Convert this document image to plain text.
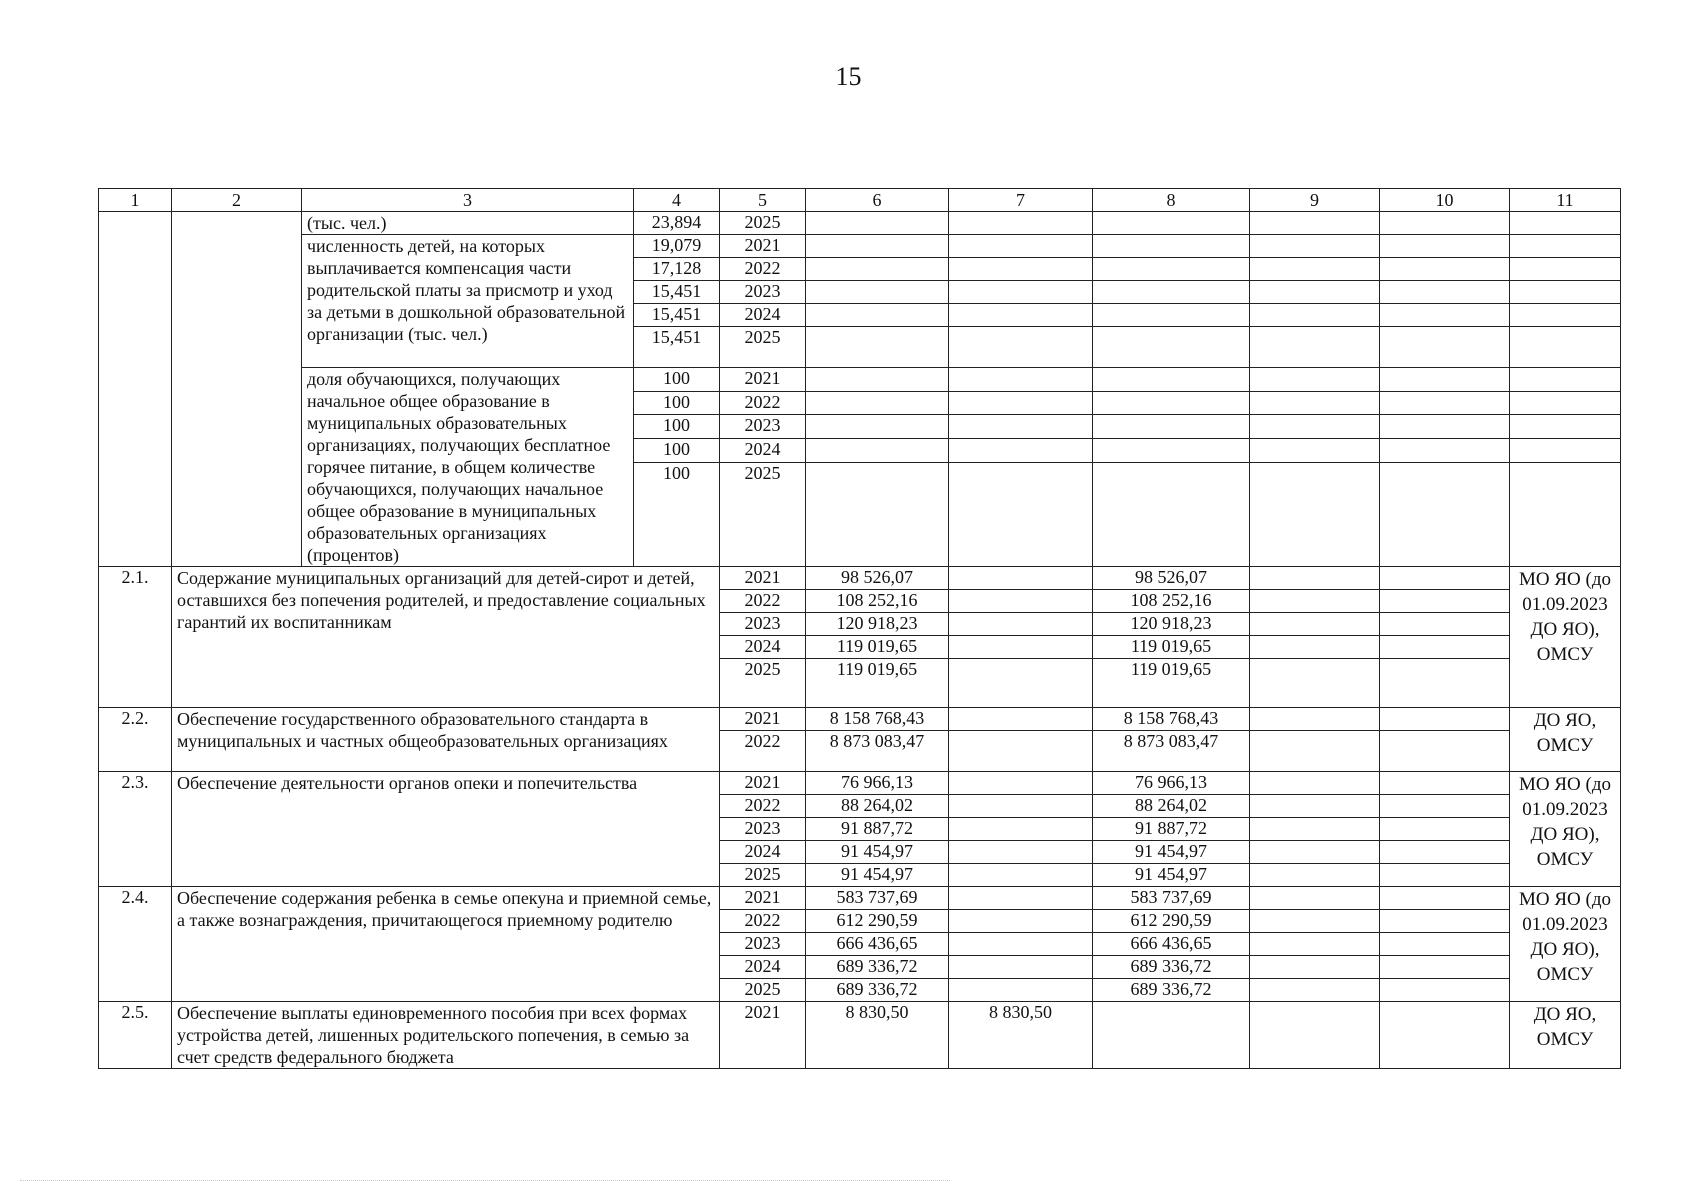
15
1	2	3	4	5	6	7	8	9	10	11
		(тыс. чел.)	23,894	2025						
		численность детей, на которых выплачивается компенсация части родительской платы за присмотр и уход за детьми в дошкольной образовательной организации (тыс. чел.)	19,079	2021						
			17,128	2022						
			15,451	2023						
			15,451	2024						
			15,451	2025						
		доля обучающихся, получающих начальное общее образование в муниципальных образовательных организациях, получающих бесплатное горячее питание, в общем количестве обучающихся, получающих начальное общее образование в муниципальных образовательных организациях (процентов)	100	2021						
			100	2022						
			100	2023						
			100	2024						
			100	2025						
2.1.	Содержание муниципальных организаций для детей-сирот и детей, оставшихся без попечения родителей, и предоставление социальных гарантий их воспитанникам			2021	98 526,07		98 526,07			МО ЯО (до 01.09.2023 ДО ЯО), ОМСУ
				2022	108 252,16		108 252,16			
				2023	120 918,23		120 918,23			
				2024	119 019,65		119 019,65			
				2025	119 019,65		119 019,65			
2.2.	Обеспечение государственного образовательного стандарта в муниципальных и частных общеобразовательных организациях			2021	8 158 768,43		8 158 768,43			ДО ЯО, ОМСУ
				2022	8 873 083,47		8 873 083,47			
2.3.	Обеспечение деятельности органов опеки и попечительства			2021	76 966,13		76 966,13			МО ЯО (до 01.09.2023 ДО ЯО), ОМСУ
				2022	88 264,02		88 264,02			
				2023	91 887,72		91 887,72			
				2024	91 454,97		91 454,97			
				2025	91 454,97		91 454,97			
2.4.	Обеспечение содержания ребенка в семье опекуна и приемной семье, а также вознаграждения, причитающегося приемному родителю			2021	583 737,69		583 737,69			МО ЯО (до 01.09.2023 ДО ЯО), ОМСУ
				2022	612 290,59		612 290,59			
				2023	666 436,65		666 436,65			
				2024	689 336,72		689 336,72			
				2025	689 336,72		689 336,72			
2.5.	Обеспечение выплаты единовременного пособия при всех формах устройства детей, лишенных родительского попечения, в семью за счет средств федерального бюджета			2021	8 830,50	8 830,50				ДО ЯО, ОМСУ
